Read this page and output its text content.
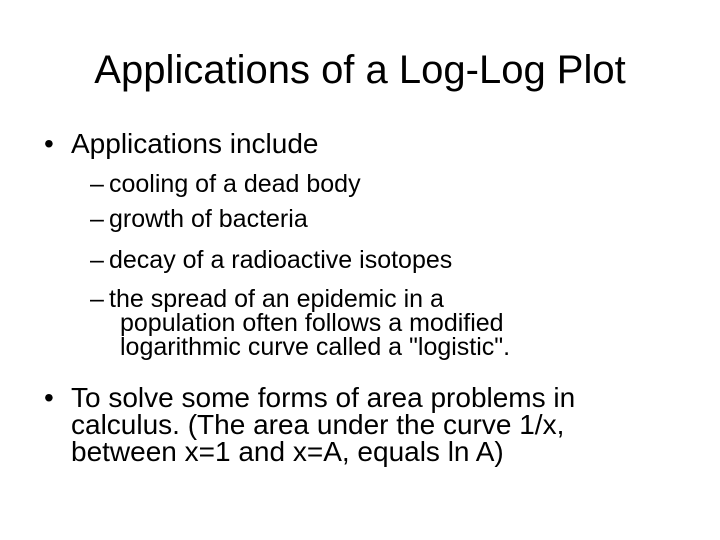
Applications of a Log-Log Plot
• Applications include
– cooling of a dead body
– growth of bacteria
– decay of a radioactive isotopes
– the spread of an epidemic in a
population often follows a modified
logarithmic curve called a "logistic".
• To solve some forms of area problems in
calculus. (The area under the curve 1/x,
between x=1 and x=A, equals ln A)
